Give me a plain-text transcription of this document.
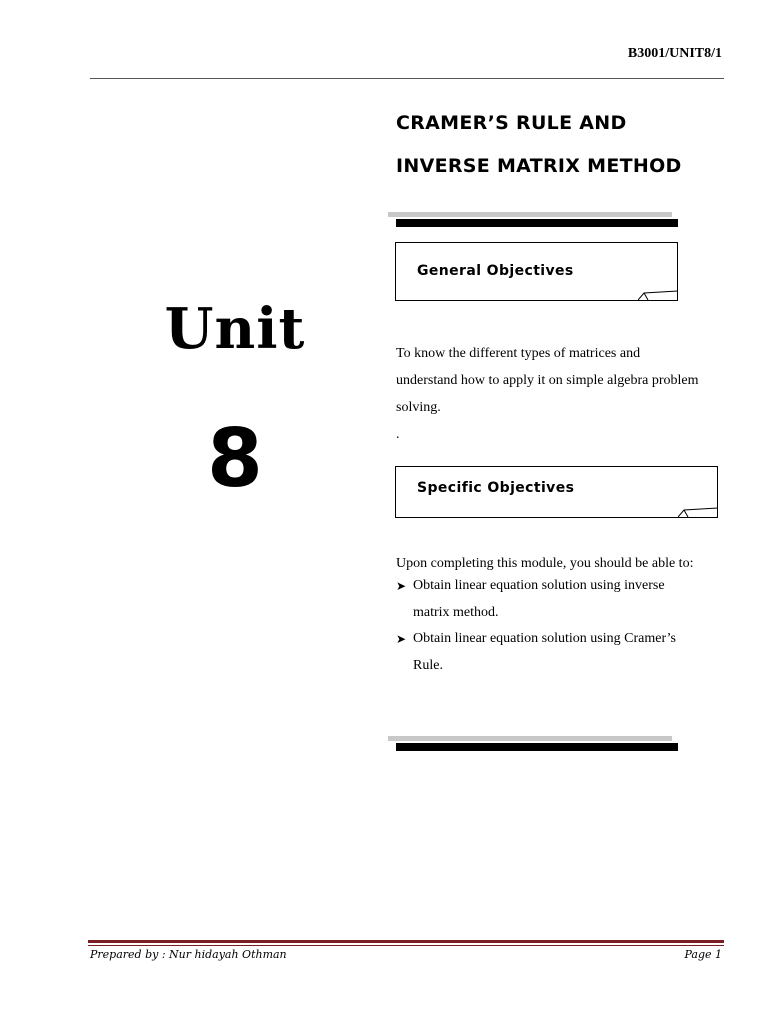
B3001/UNIT8/1
CRAMER’S RULE AND
INVERSE MATRIX METHOD
Unit
8
General Objectives
To know the different types of matrices and
understand how to apply it on simple algebra problem
solving.
.
Specific Objectives
Upon completing this module, you should be able to:
➤ Obtain linear equation solution using inverse
matrix method.
➤ Obtain linear equation solution using Cramer’s
Rule.
Prepared by : Nur hidayah Othman	Page 1
